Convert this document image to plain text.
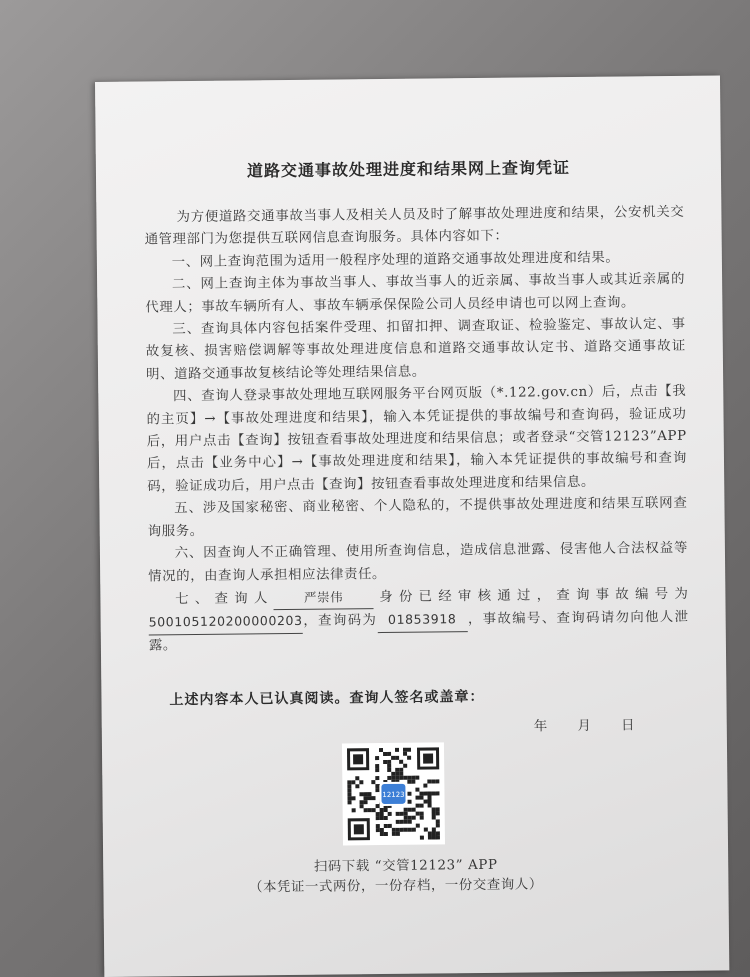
道路交通事故处理进度和结果网上查询凭证

为方便道路交通事故当事人及相关人员及时了解事故处理进度和结果，公安机关交通管理部门为您提供互联网信息查询服务。具体内容如下：

一、网上查询范围为适用一般程序处理的道路交通事故处理进度和结果。

二、网上查询主体为事故当事人、事故当事人的近亲属、事故当事人或其近亲属的代理人；事故车辆所有人、事故车辆承保保险公司人员经申请也可以网上查询。

三、查询具体内容包括案件受理、扣留扣押、调查取证、检验鉴定、事故认定、事故复核、损害赔偿调解等事故处理进度信息和道路交通事故认定书、道路交通事故证明、道路交通事故复核结论等处理结果信息。

四、查询人登录事故处理地互联网服务平台网页版（*.122.gov.cn）后，点击【我的主页】→【事故处理进度和结果】，输入本凭证提供的事故编号和查询码，验证成功后，用户点击【查询】按钮查看事故处理进度和结果信息；或者登录“交管12123”APP后，点击【业务中心】→【事故处理进度和结果】，输入本凭证提供的事故编号和查询码，验证成功后，用户点击【查询】按钮查看事故处理进度和结果信息。

五、涉及国家秘密、商业秘密、个人隐私的，不提供事故处理进度和结果互联网查询服务。

六、因查询人不正确管理、使用所查询信息，造成信息泄露、侵害他人合法权益等情况的，由查询人承担相应法律责任。

七、查询人 严崇伟 身份已经审核通过，查询事故编号为500105120200000203，查询码为 01853918 ，事故编号、查询码请勿向他人泄露。

上述内容本人已认真阅读。查询人签名或盖章：
年 月 日
12123
扫码下载 “交管12123” APP
（本凭证一式两份，一份存档，一份交查询人）
